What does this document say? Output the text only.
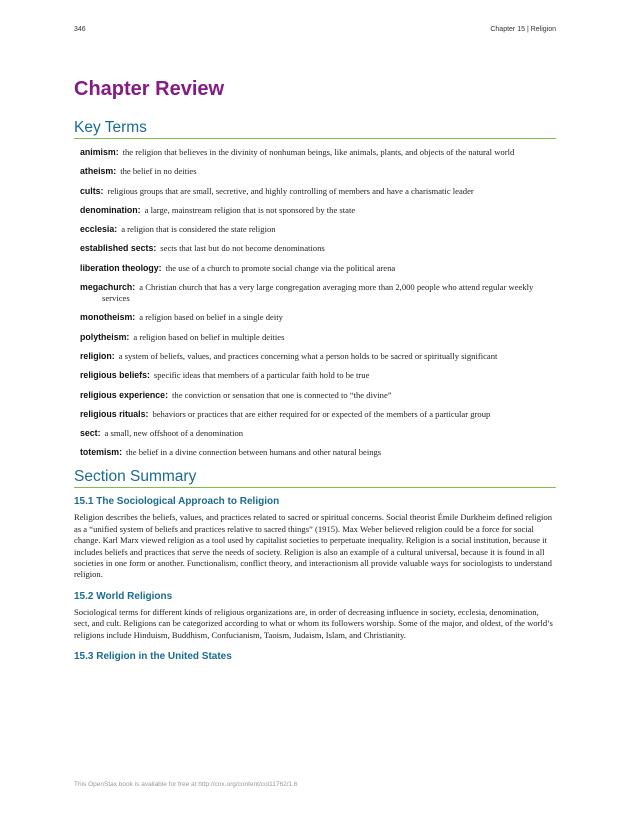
346	Chapter 15 | Religion
Chapter Review
Key Terms

animism: the religion that believes in the divinity of nonhuman beings, like animals, plants, and objects of the natural world

atheism: the belief in no deities

cults: religious groups that are small, secretive, and highly controlling of members and have a charismatic leader

denomination: a large, mainstream religion that is not sponsored by the state

ecclesia: a religion that is considered the state religion

established sects: sects that last but do not become denominations

liberation theology: the use of a church to promote social change via the political arena

megachurch: a Christian church that has a very large congregation averaging more than 2,000 people who attend regular weekly services

monotheism: a religion based on belief in a single deity

polytheism: a religion based on belief in multiple deities

religion: a system of beliefs, values, and practices concerning what a person holds to be sacred or spiritually significant

religious beliefs: specific ideas that members of a particular faith hold to be true

religious experience: the conviction or sensation that one is connected to “the divine”

religious rituals: behaviors or practices that are either required for or expected of the members of a particular group

sect: a small, new offshoot of a denomination

totemism: the belief in a divine connection between humans and other natural beings

Section Summary
15.1 The Sociological Approach to Religion

Religion describes the beliefs, values, and practices related to sacred or spiritual concerns. Social theorist Émile Durkheim defined religion as a “unified system of beliefs and practices relative to sacred things” (1915). Max Weber believed religion could be a force for social change. Karl Marx viewed religion as a tool used by capitalist societies to perpetuate inequality. Religion is a social institution, because it includes beliefs and practices that serve the needs of society. Religion is also an example of a cultural universal, because it is found in all societies in one form or another. Functionalism, conflict theory, and interactionism all provide valuable ways for sociologists to understand religion.

15.2 World Religions

Sociological terms for different kinds of religious organizations are, in order of decreasing influence in society, ecclesia, denomination, sect, and cult. Religions can be categorized according to what or whom its followers worship. Some of the major, and oldest, of the world’s religions include Hinduism, Buddhism, Confucianism, Taoism, Judaism, Islam, and Christianity.

15.3 Religion in the United States
This OpenStax book is available for free at http://cnx.org/content/col11762/1.6
